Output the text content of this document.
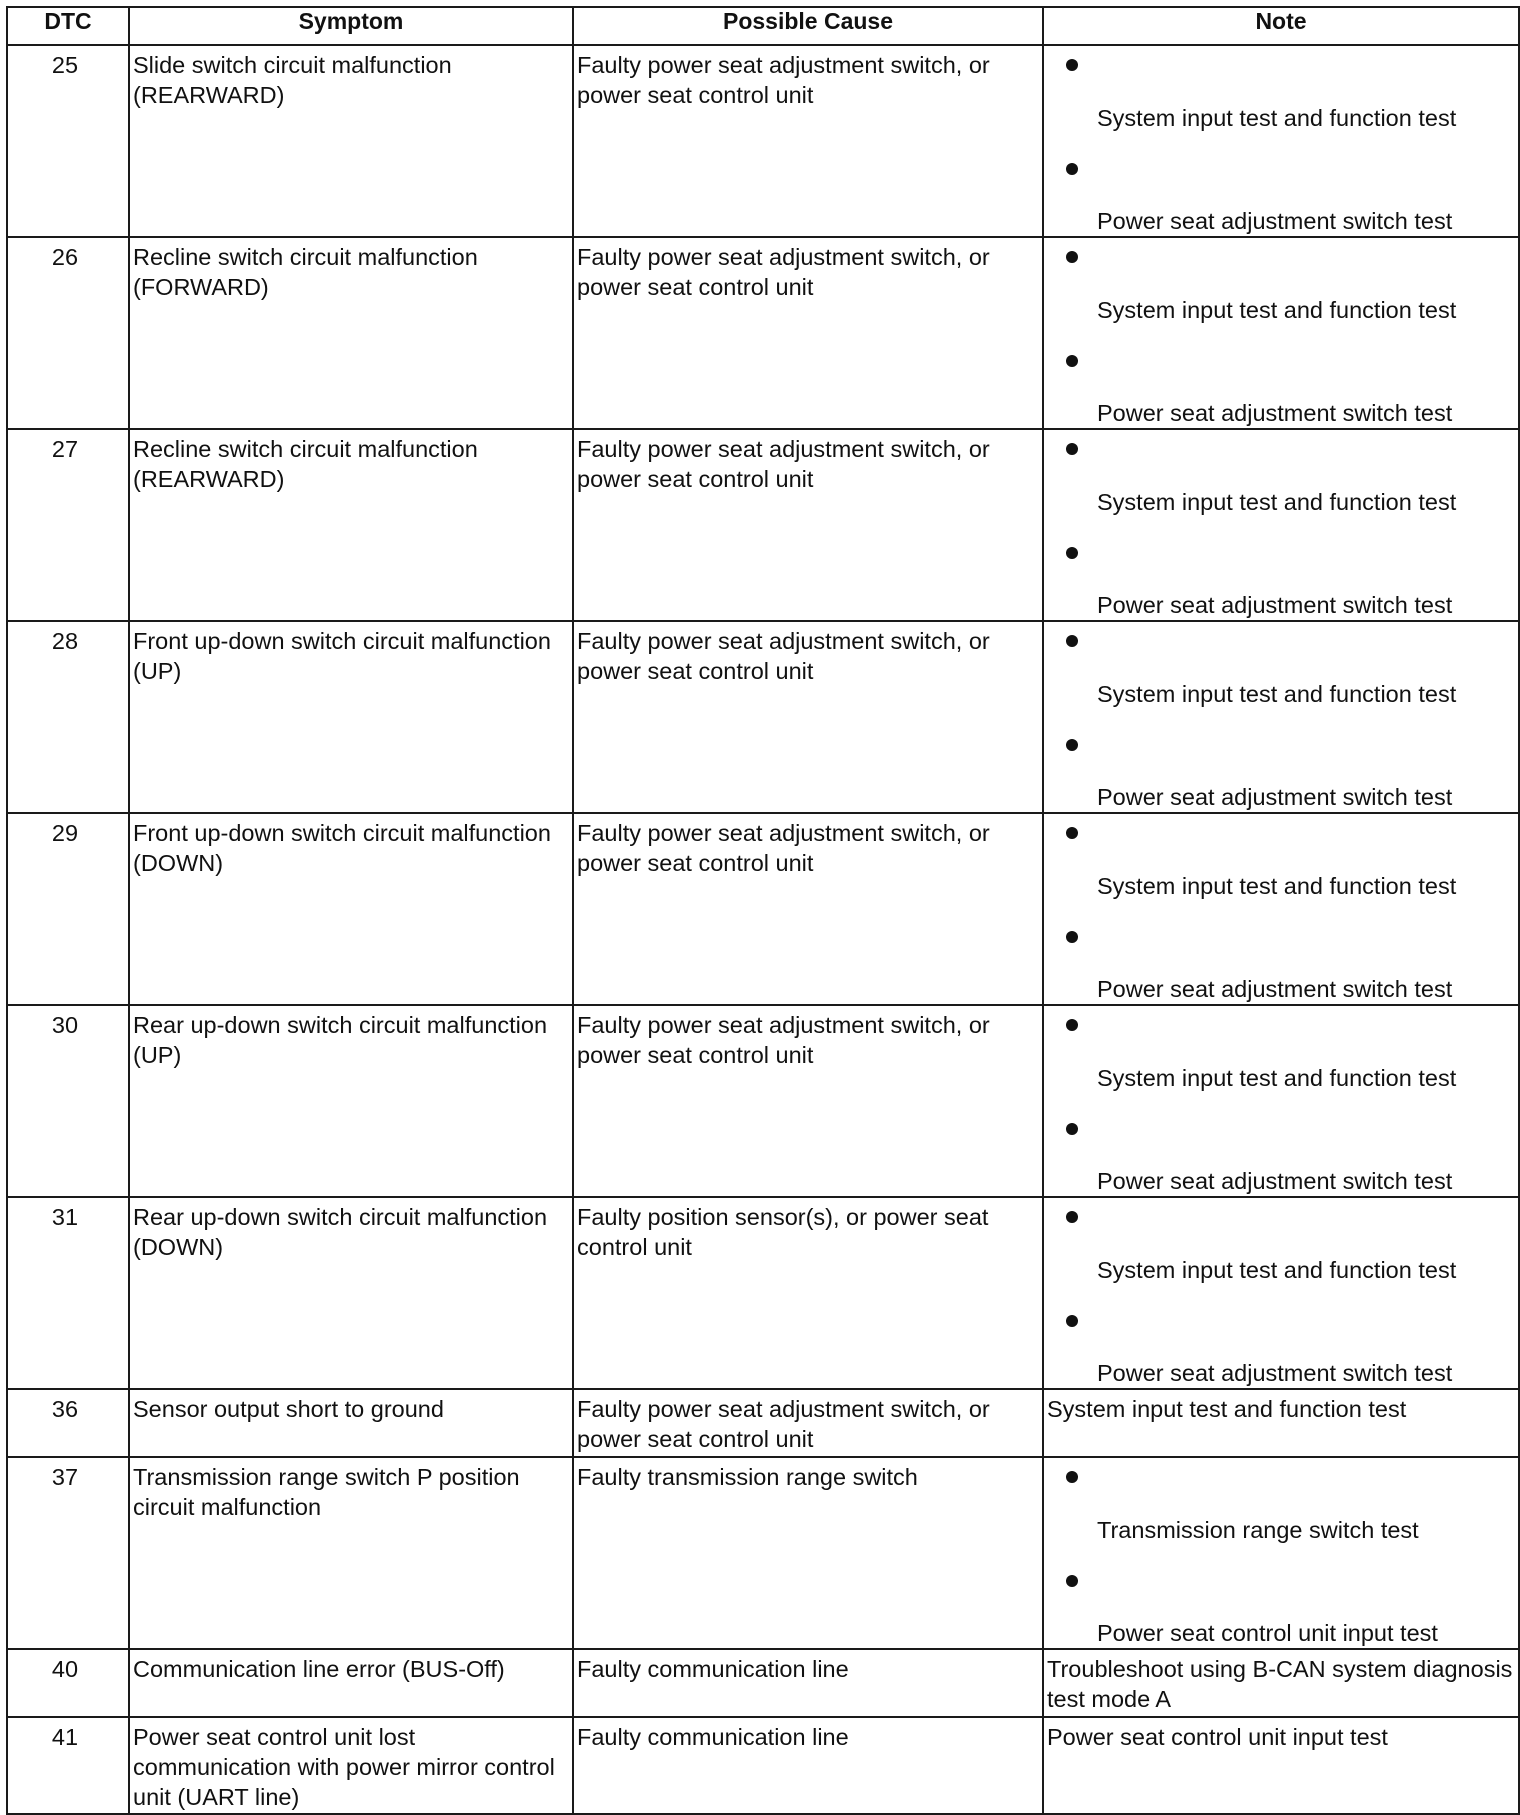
DTC	Symptom	Possible Cause	Note

25	Slide switch circuit malfunction (REARWARD)	Faulty power seat adjustment switch, or power seat control unit	System input test and function test
Power seat adjustment switch test

26	Recline switch circuit malfunction (FORWARD)	Faulty power seat adjustment switch, or power seat control unit	System input test and function test
Power seat adjustment switch test

27	Recline switch circuit malfunction (REARWARD)	Faulty power seat adjustment switch, or power seat control unit	System input test and function test
Power seat adjustment switch test

28	Front up-down switch circuit malfunction (UP)	Faulty power seat adjustment switch, or power seat control unit	System input test and function test
Power seat adjustment switch test

29	Front up-down switch circuit malfunction (DOWN)	Faulty power seat adjustment switch, or power seat control unit	System input test and function test
Power seat adjustment switch test

30	Rear up-down switch circuit malfunction (UP)	Faulty power seat adjustment switch, or power seat control unit	System input test and function test
Power seat adjustment switch test

31	Rear up-down switch circuit malfunction (DOWN)	Faulty position sensor(s), or power seat control unit	System input test and function test
Power seat adjustment switch test

36	Sensor output short to ground	Faulty power seat adjustment switch, or power seat control unit	System input test and function test

37	Transmission range switch P position circuit malfunction	Faulty transmission range switch	Transmission range switch test
Power seat control unit input test

40	Communication line error (BUS-Off)	Faulty communication line	Troubleshoot using B-CAN system diagnosis test mode A

41	Power seat control unit lost communication with power mirror control unit (UART line)	Faulty communication line	Power seat control unit input test
